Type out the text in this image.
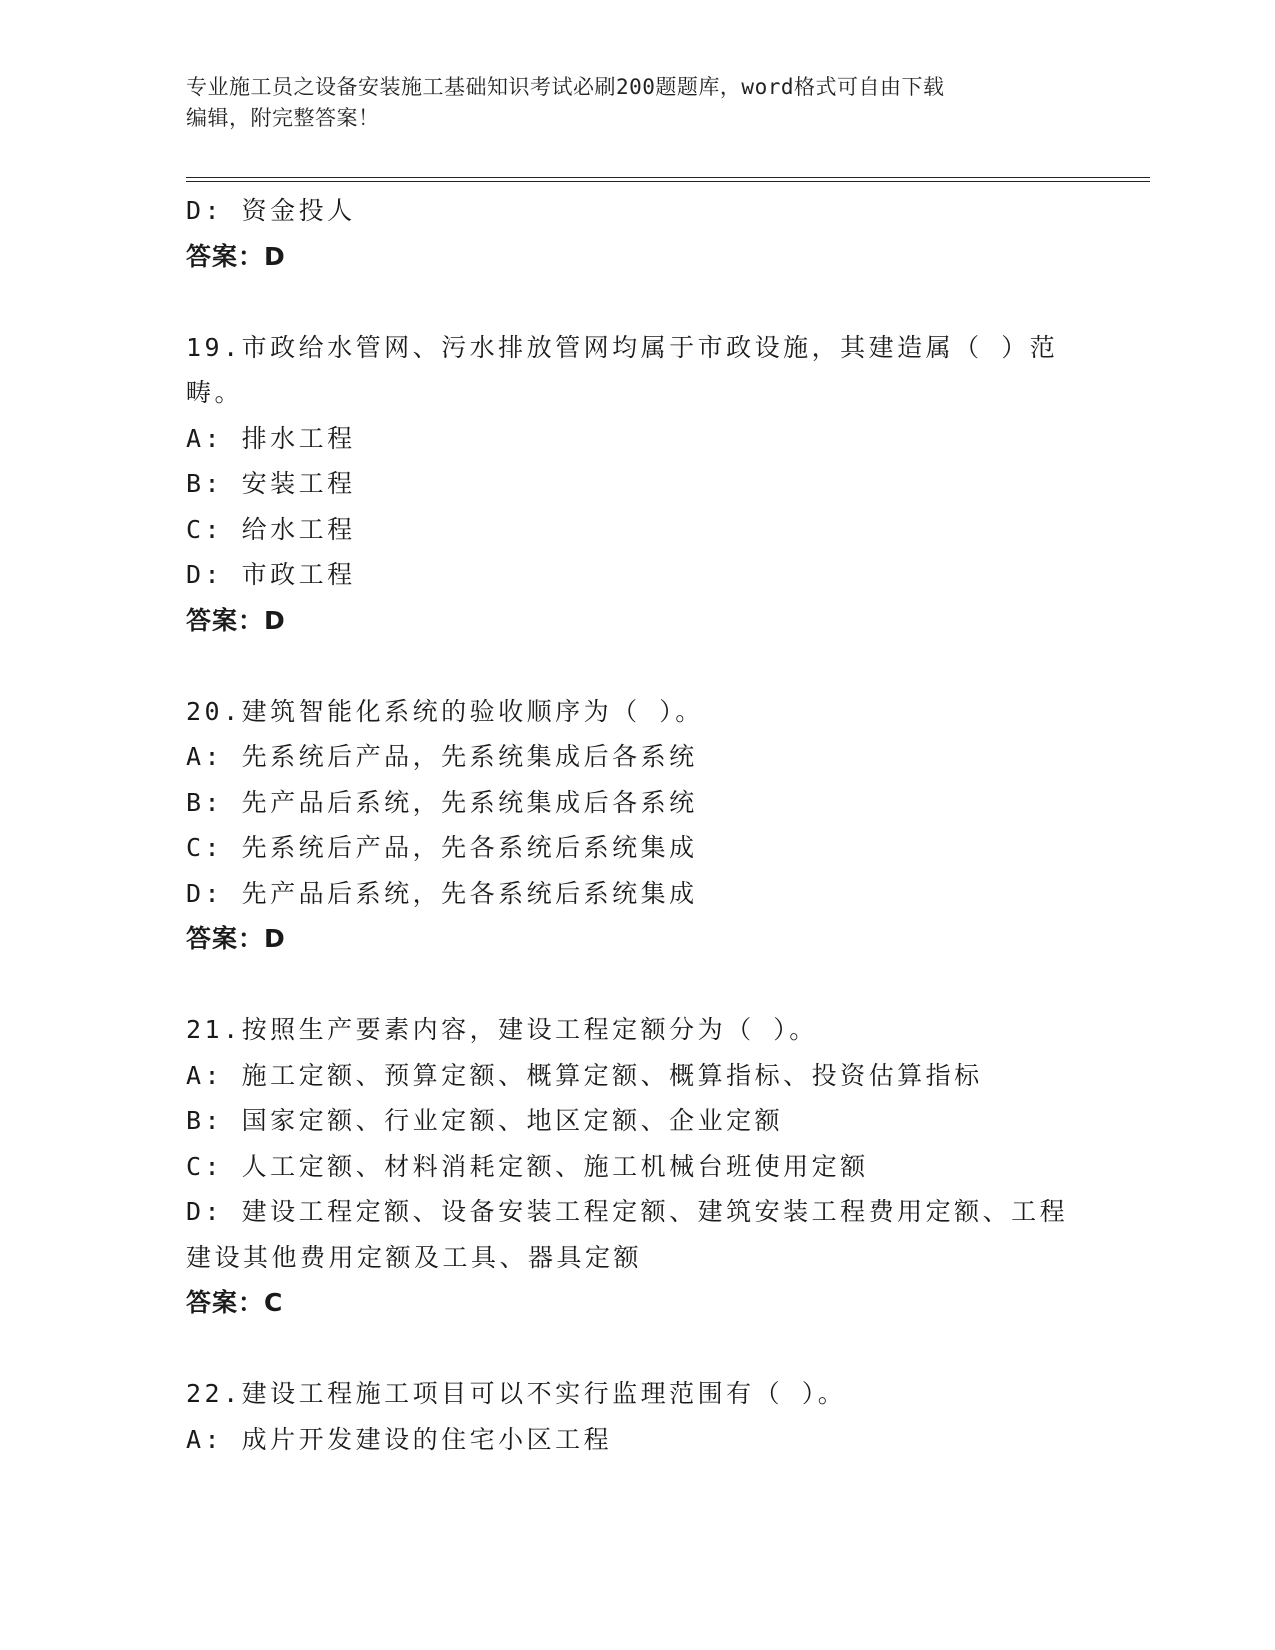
专业施工员之设备安装施工基础知识考试必刷200题题库，word格式可自由下载
编辑，附完整答案！
D: 资金投人
答案：D
19.市政给水管网、污水排放管网均属于市政设施，其建造属（ ）范
畴。
A: 排水工程
B: 安装工程
C: 给水工程
D: 市政工程
答案：D
20.建筑智能化系统的验收顺序为（ ）。
A: 先系统后产品，先系统集成后各系统
B: 先产品后系统，先系统集成后各系统
C: 先系统后产品，先各系统后系统集成
D: 先产品后系统，先各系统后系统集成
答案：D
21.按照生产要素内容，建设工程定额分为（ ）。
A: 施工定额、预算定额、概算定额、概算指标、投资估算指标
B: 国家定额、行业定额、地区定额、企业定额
C: 人工定额、材料消耗定额、施工机械台班使用定额
D: 建设工程定额、设备安装工程定额、建筑安装工程费用定额、工程
建设其他费用定额及工具、器具定额
答案：C
22.建设工程施工项目可以不实行监理范围有（ ）。
A: 成片开发建设的住宅小区工程
